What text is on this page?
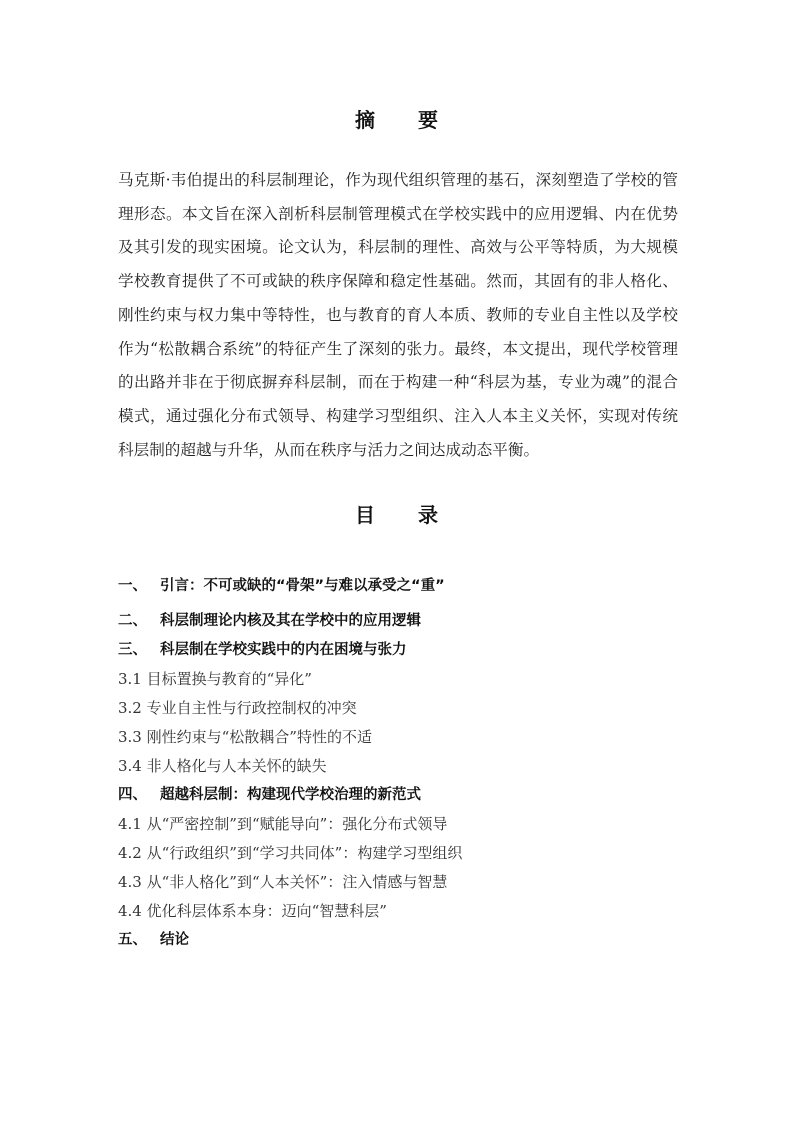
摘 要

马克斯·韦伯提出的科层制理论，作为现代组织管理的基石，深刻塑造了学校的管理形态。本文旨在深入剖析科层制管理模式在学校实践中的应用逻辑、内在优势及其引发的现实困境。论文认为，科层制的理性、高效与公平等特质，为大规模学校教育提供了不可或缺的秩序保障和稳定性基础。然而，其固有的非人格化、刚性约束与权力集中等特性，也与教育的育人本质、教师的专业自主性以及学校作为“松散耦合系统”的特征产生了深刻的张力。最终，本文提出，现代学校管理的出路并非在于彻底摒弃科层制，而在于构建一种“科层为基，专业为魂”的混合模式，通过强化分布式领导、构建学习型组织、注入人本主义关怀，实现对传统科层制的超越与升华，从而在秩序与活力之间达成动态平衡。

目 录
一、 引言：不可或缺的“骨架”与难以承受之“重”
二、 科层制理论内核及其在学校中的应用逻辑
三、 科层制在学校实践中的内在困境与张力
3.1 目标置换与教育的“异化”
3.2 专业自主性与行政控制权的冲突
3.3 刚性约束与“松散耦合”特性的不适
3.4 非人格化与人本关怀的缺失
四、 超越科层制：构建现代学校治理的新范式
4.1 从“严密控制”到“赋能导向”：强化分布式领导
4.2 从“行政组织”到“学习共同体”：构建学习型组织
4.3 从“非人格化”到“人本关怀”：注入情感与智慧
4.4 优化科层体系本身：迈向“智慧科层”
五、 结论
